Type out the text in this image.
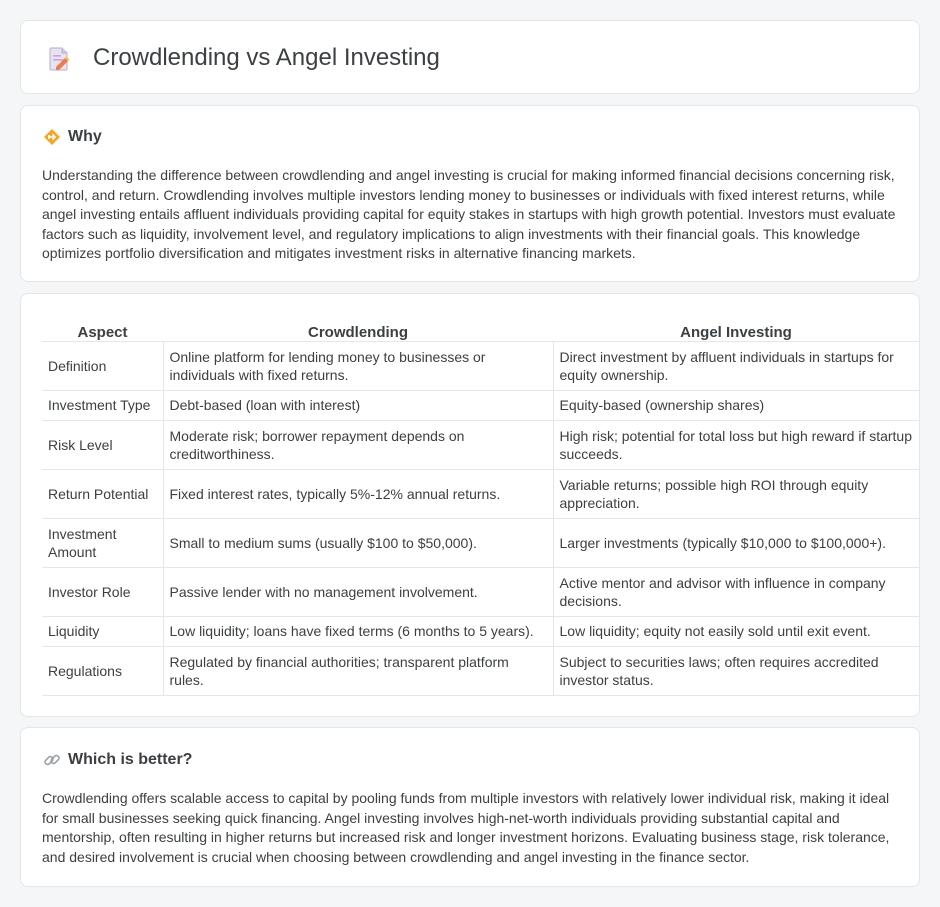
Crowdlending vs Angel Investing
Why

Understanding the difference between crowdlending and angel investing is crucial for making informed financial decisions concerning risk, control, and return. Crowdlending involves multiple investors lending money to businesses or individuals with fixed interest returns, while angel investing entails affluent individuals providing capital for equity stakes in startups with high growth potential. Investors must evaluate factors such as liquidity, involvement level, and regulatory implications to align investments with their financial goals. This knowledge optimizes portfolio diversification and mitigates investment risks in alternative financing markets.

Aspect	Crowdlending	Angel Investing
Definition	Online platform for lending money to businesses or individuals with fixed returns.	Direct investment by affluent individuals in startups for equity ownership.
Investment Type	Debt-based (loan with interest)	Equity-based (ownership shares)
Risk Level	Moderate risk; borrower repayment depends on creditworthiness.	High risk; potential for total loss but high reward if startup succeeds.
Return Potential	Fixed interest rates, typically 5%-12% annual returns.	Variable returns; possible high ROI through equity appreciation.
Investment Amount	Small to medium sums (usually $100 to $50,000).	Larger investments (typically $10,000 to $100,000+).
Investor Role	Passive lender with no management involvement.	Active mentor and advisor with influence in company decisions.
Liquidity	Low liquidity; loans have fixed terms (6 months to 5 years).	Low liquidity; equity not easily sold until exit event.
Regulations	Regulated by financial authorities; transparent platform rules.	Subject to securities laws; often requires accredited investor status.
Which is better?

Crowdlending offers scalable access to capital by pooling funds from multiple investors with relatively lower individual risk, making it ideal for small businesses seeking quick financing. Angel investing involves high-net-worth individuals providing substantial capital and mentorship, often resulting in higher returns but increased risk and longer investment horizons. Evaluating business stage, risk tolerance, and desired involvement is crucial when choosing between crowdlending and angel investing in the finance sector.
